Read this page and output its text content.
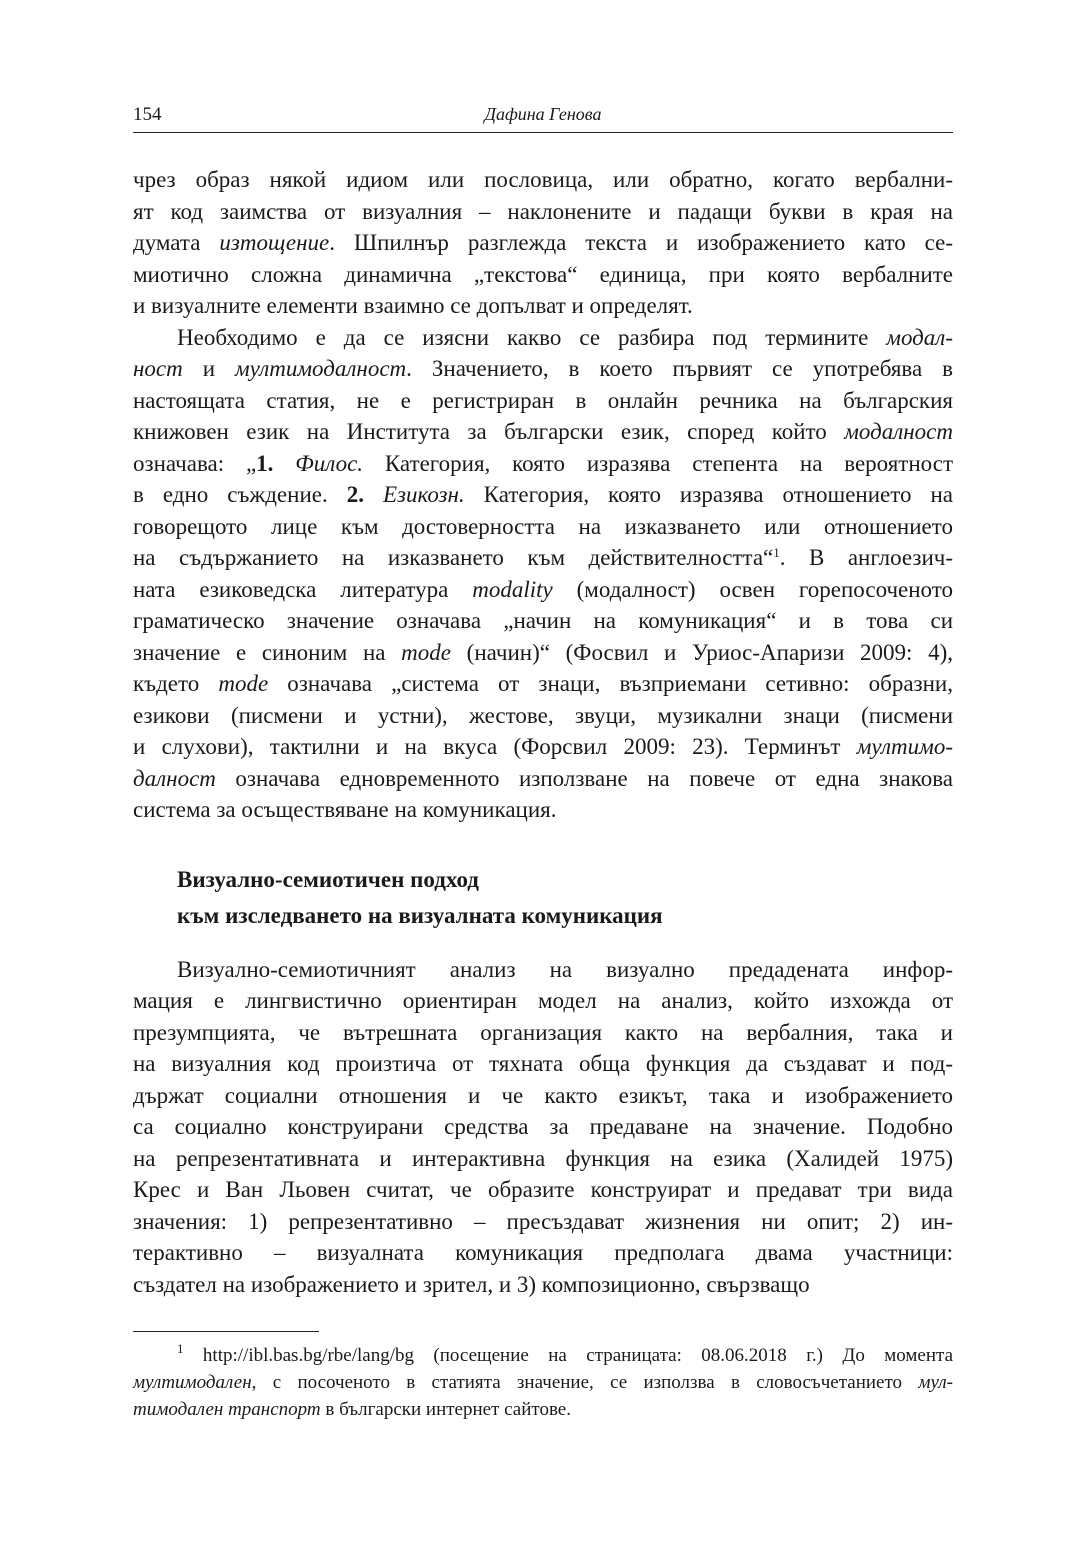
154	Дафина Генова

чрез образ някой идиом или пословица, или обратно, когато вербални-
ят код заимства от визуалния – наклонените и падащи букви в края на
думата изтощение. Шпилнър разглежда текста и изображението като се-
миотично сложна динамична „текстова“ единица, при която вербалните
и визуалните елементи взаимно се допълват и определят.

Необходимо е да се изясни какво се разбира под термините модал-
ност и мултимодалност. Значението, в което първият се употребява в
настоящата статия, не е регистриран в онлайн речника на българския
книжовен език на Института за български език, според който модалност
означава: „1. Филос. Категория, която изразява степента на вероятност
в едно съждение. 2. Езикозн. Категория, която изразява отношението на
говорещото лице към достоверността на изказването или отношението
на съдържанието на изказването към действителността“$^1$. В англоезич-
ната езиковедска литература modality (модалност) освен горепосоченото
граматическо значение означава „начин на комуникация“ и в това си
значение е синоним на mode (начин)“ (Фосвил и Уриос-Апаризи 2009: 4),
където mode означава „система от знаци, възприемани сетивно: образни,
езикови (писмени и устни), жестове, звуци, музикални знаци (писмени
и слухови), тактилни и на вкуса (Форсвил 2009: 23). Терминът мултимо-
далност означава едновременното използване на повече от една знакова
система за осъществяване на комуникация.

Визуално-семиотичен подход

към изследването на визуалната комуникация

Визуално-семиотичният анализ на визуално предадената инфор-
мация е лингвистично ориентиран модел на анализ, който изхожда от
презумпцията, че вътрешната организация както на вербалния, така и
на визуалния код произтича от тяхната обща функция да създават и под-
държат социални отношения и че както езикът, така и изображението
са социално конструирани средства за предаване на значение. Подобно
на репрезентативната и интерактивна функция на езика (Халидей 1975)
Крес и Ван Льовен считат, че образите конструират и предават три вида
значения: 1) репрезентативно – пресъздават жизнения ни опит; 2) ин-
терактивно – визуалната комуникация предполага двама участници:
създател на изображението и зрител, и 3) композиционно, свързващо

$^1$ http://ibl.bas.bg/rbe/lang/bg (посещение на страницата: 08.06.2018 г.) До момента
мултимодален, с посоченото в статията значение, се използва в словосъчетанието мул-
тимодален транспорт в български интернет сайтове.
